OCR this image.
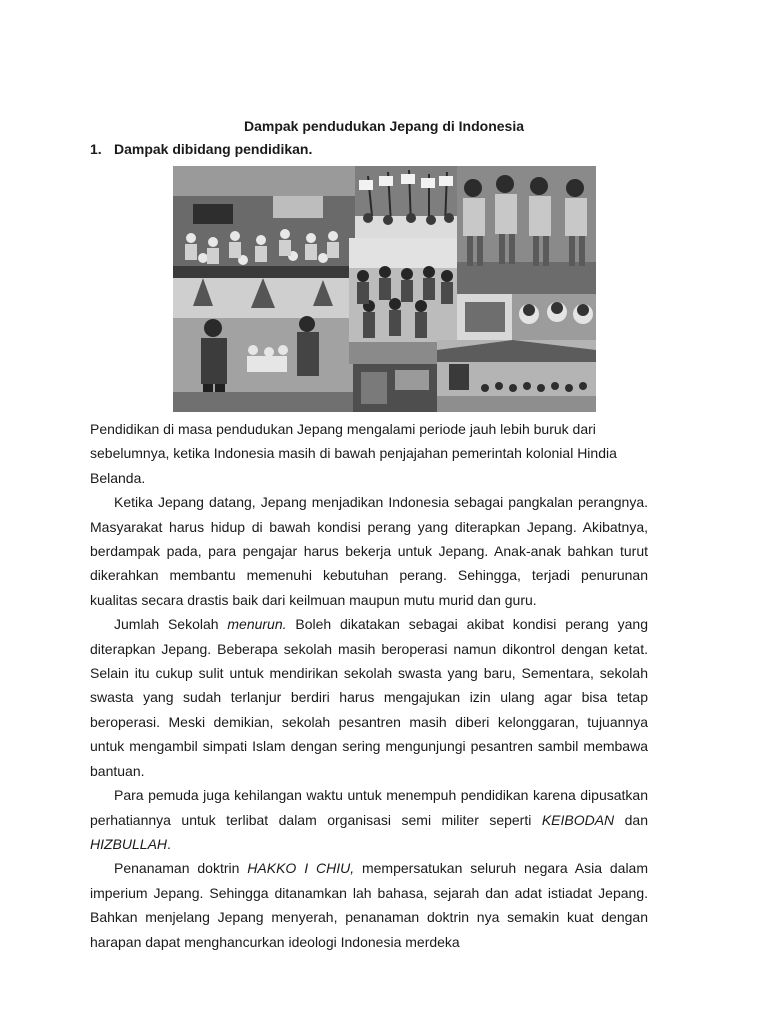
Dampak pendudukan Jepang di Indonesia
1. Dampak dibidang pendidikan.

Pendidikan di masa pendudukan Jepang mengalami periode jauh lebih buruk dari sebelumnya, ketika Indonesia masih di bawah penjajahan pemerintah kolonial Hindia Belanda.

Ketika Jepang datang, Jepang menjadikan Indonesia sebagai pangkalan perangnya. Masyarakat harus hidup di bawah kondisi perang yang diterapkan Jepang. Akibatnya, berdampak pada, para pengajar harus bekerja untuk Jepang. Anak-anak bahkan turut dikerahkan membantu memenuhi kebutuhan perang. Sehingga, terjadi penurunan kualitas secara drastis baik dari keilmuan maupun mutu murid dan guru.

Jumlah Sekolah menurun. Boleh dikatakan sebagai akibat kondisi perang yang diterapkan Jepang. Beberapa sekolah masih beroperasi namun dikontrol dengan ketat. Selain itu cukup sulit untuk mendirikan sekolah swasta yang baru, Sementara, sekolah swasta yang sudah terlanjur berdiri harus mengajukan izin ulang agar bisa tetap beroperasi. Meski demikian, sekolah pesantren masih diberi kelonggaran, tujuannya untuk mengambil simpati Islam dengan sering mengunjungi pesantren sambil membawa bantuan.

Para pemuda juga kehilangan waktu untuk menempuh pendidikan karena dipusatkan perhatiannya untuk terlibat dalam organisasi semi militer seperti KEIBODAN dan HIZBULLAH.

Penanaman doktrin HAKKO I CHIU, mempersatukan seluruh negara Asia dalam imperium Jepang. Sehingga ditanamkan lah bahasa, sejarah dan adat istiadat Jepang. Bahkan menjelang Jepang menyerah, penanaman doktrin nya semakin kuat dengan harapan dapat menghancurkan ideologi Indonesia merdeka
